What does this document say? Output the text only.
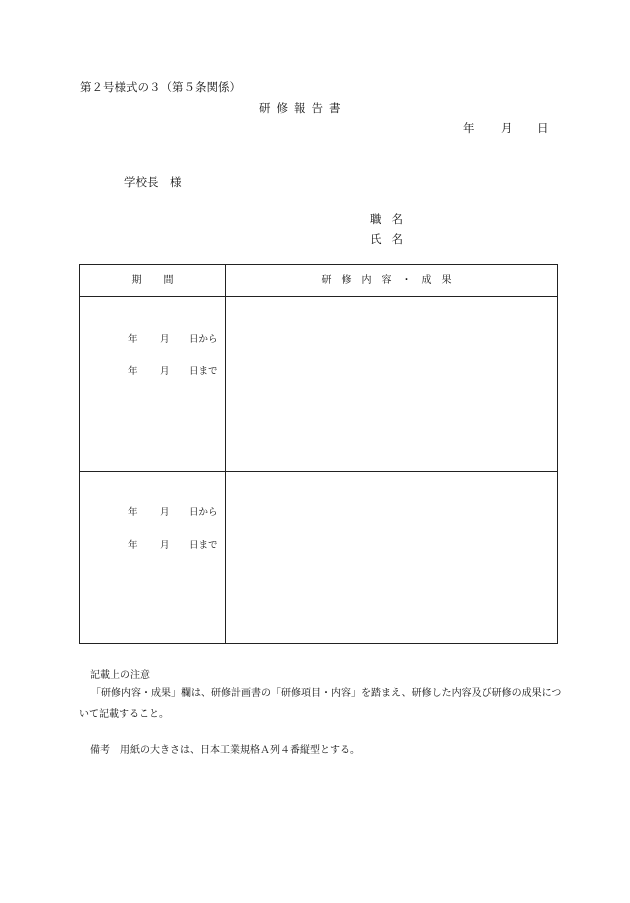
第２号様式の３（第５条関係）
研修報告書
年 月 日
学校長　様
職名
氏名
期間	研修内容・成果
年 月 日から
年 月 日まで
年 月 日から
年 月 日まで
記載上の注意
「研修内容・成果」欄は、研修計画書の「研修項目・内容」を踏まえ、研修した内容及び研修の成果について記載すること。
備考　用紙の大きさは、日本工業規格Ａ列４番縦型とする。
